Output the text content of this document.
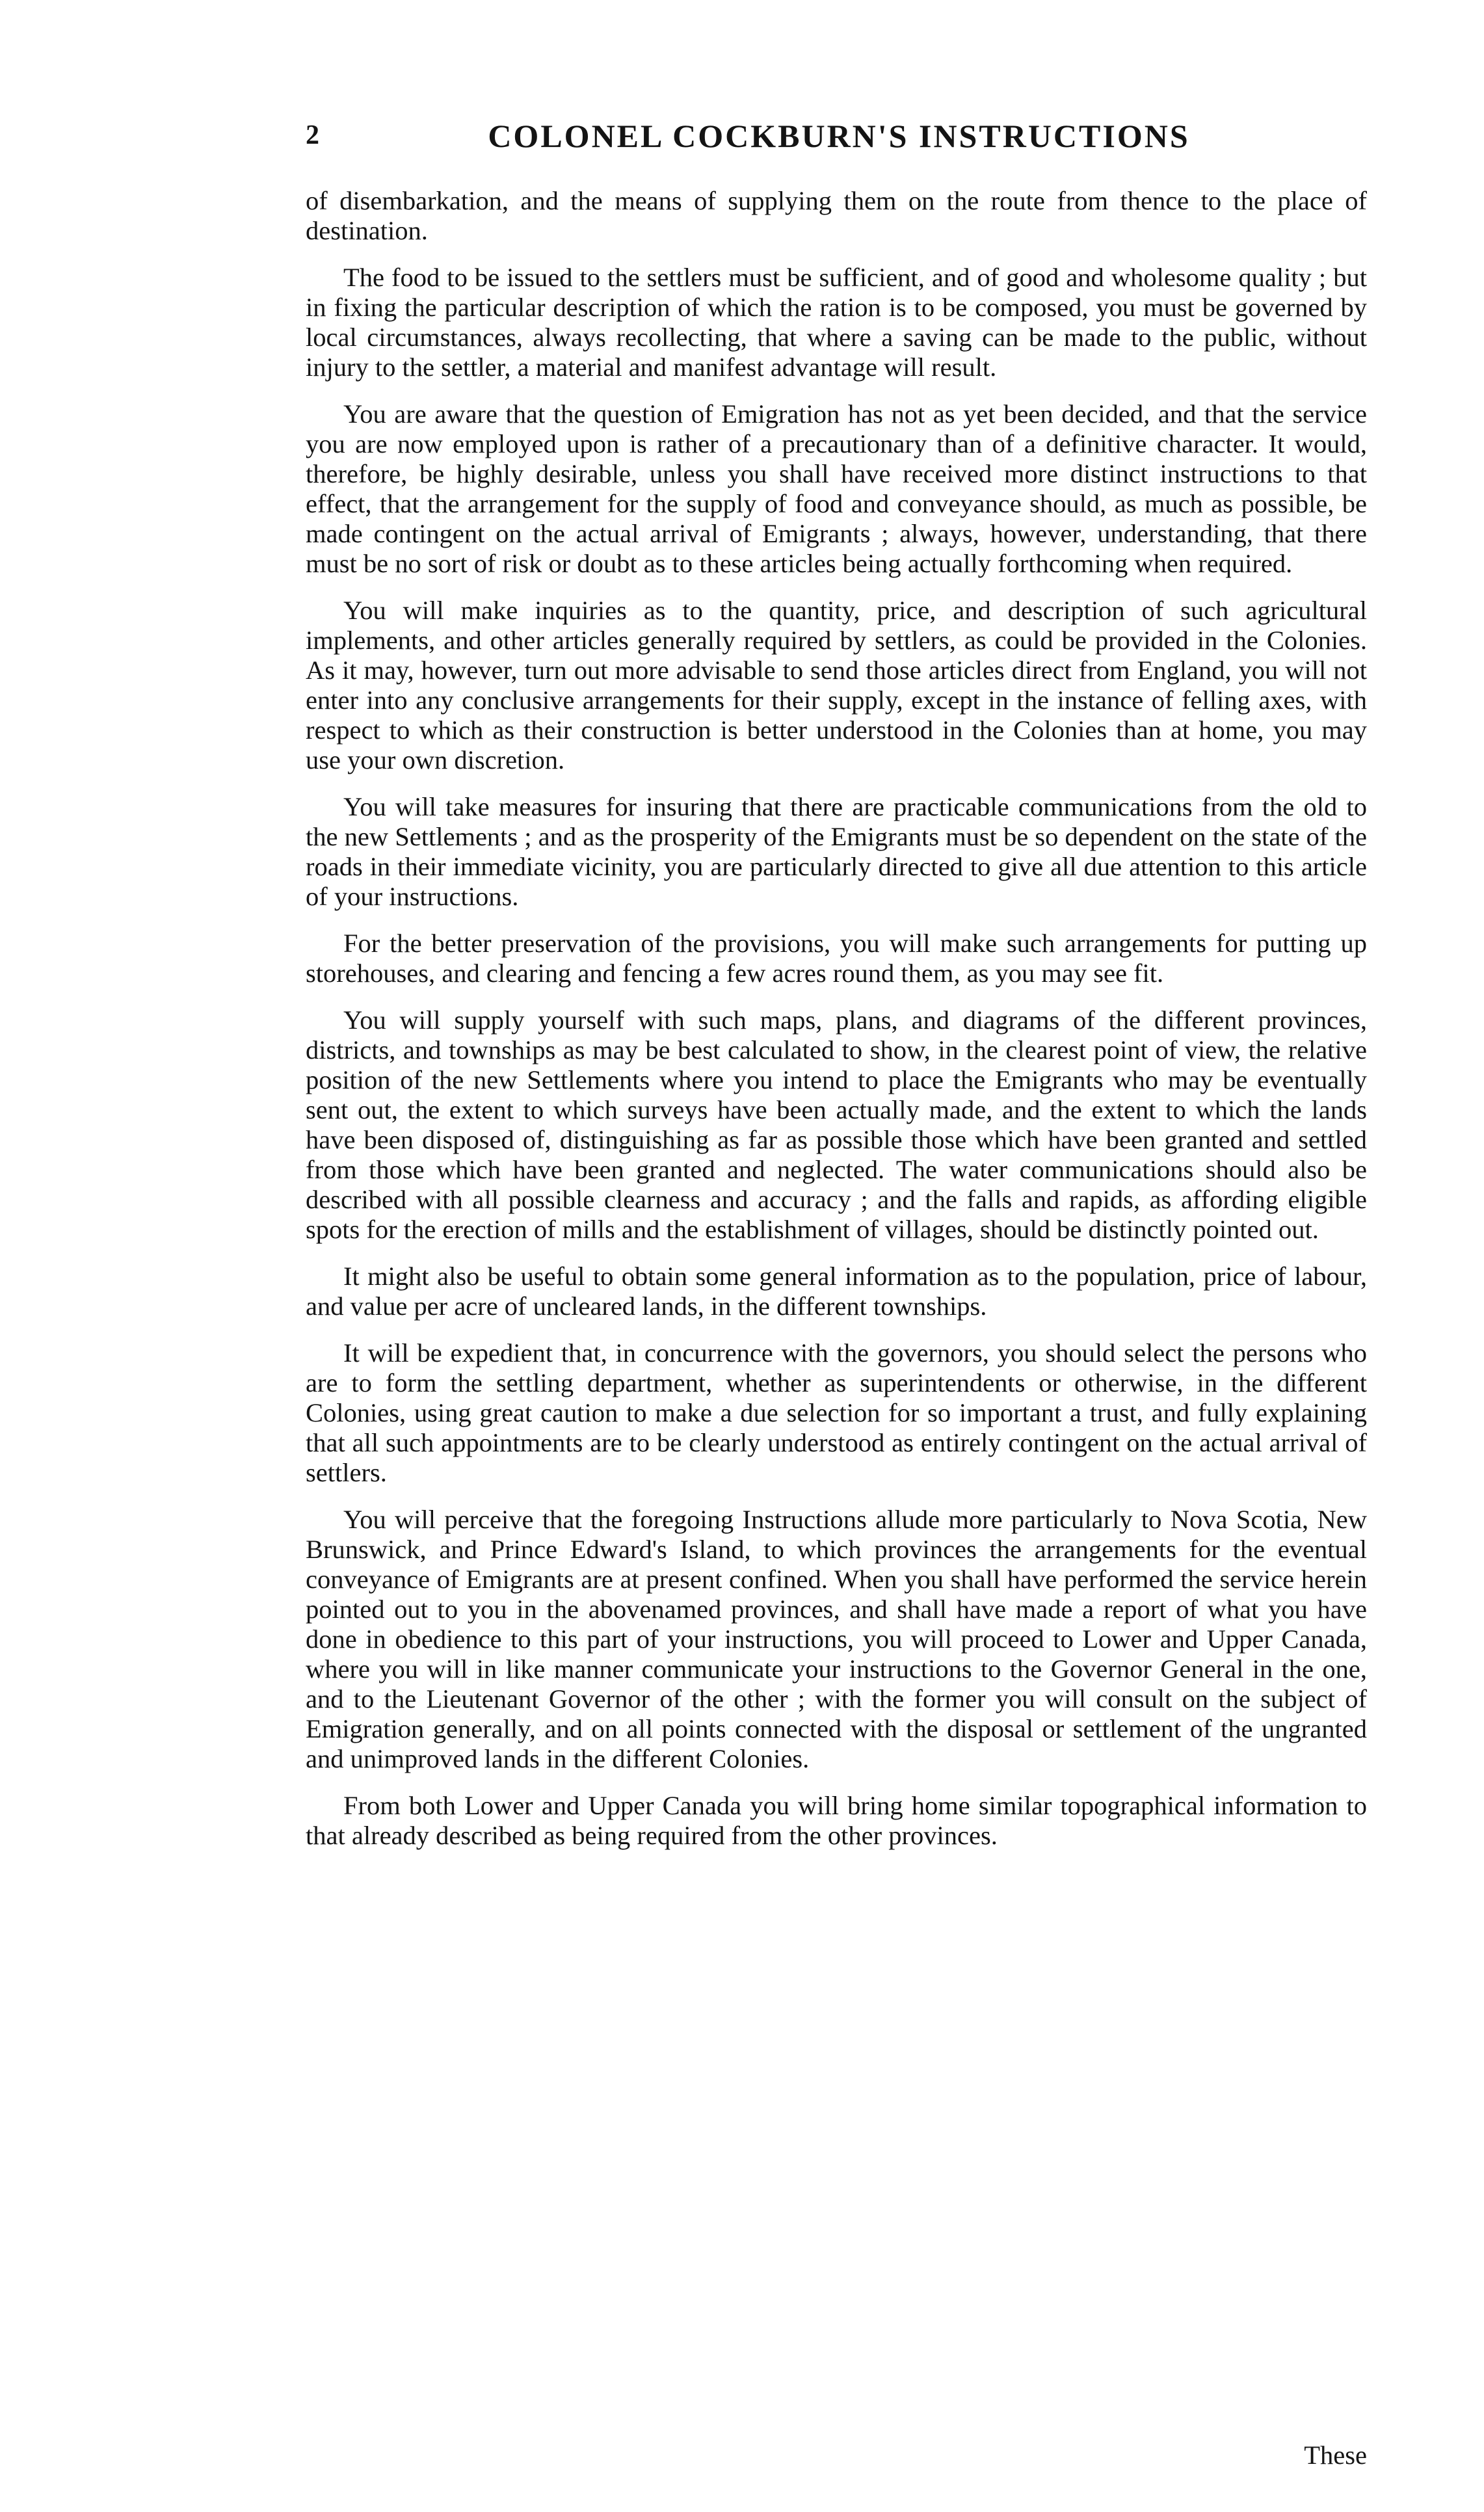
2	COLONEL COCKBURN'S INSTRUCTIONS

of disembarkation, and the means of supplying them on the route from thence to the place of destination.

The food to be issued to the settlers must be sufficient, and of good and wholesome quality ; but in fixing the particular description of which the ration is to be composed, you must be governed by local circumstances, always recollecting, that where a saving can be made to the public, without injury to the settler, a material and manifest advantage will result.

You are aware that the question of Emigration has not as yet been decided, and that the service you are now employed upon is rather of a precautionary than of a definitive character. It would, therefore, be highly desirable, unless you shall have received more distinct instructions to that effect, that the arrangement for the supply of food and conveyance should, as much as possible, be made contingent on the actual arrival of Emigrants ; always, however, understanding, that there must be no sort of risk or doubt as to these articles being actually forthcoming when required.

You will make inquiries as to the quantity, price, and description of such agricultural implements, and other articles generally required by settlers, as could be provided in the Colonies. As it may, however, turn out more advisable to send those articles direct from England, you will not enter into any conclusive arrangements for their supply, except in the instance of felling axes, with respect to which as their construction is better understood in the Colonies than at home, you may use your own discretion.

You will take measures for insuring that there are practicable communications from the old to the new Settlements ; and as the prosperity of the Emigrants must be so dependent on the state of the roads in their immediate vicinity, you are particularly directed to give all due attention to this article of your instructions.

For the better preservation of the provisions, you will make such arrangements for putting up storehouses, and clearing and fencing a few acres round them, as you may see fit.

You will supply yourself with such maps, plans, and diagrams of the different provinces, districts, and townships as may be best calculated to show, in the clearest point of view, the relative position of the new Settlements where you intend to place the Emigrants who may be eventually sent out, the extent to which surveys have been actually made, and the extent to which the lands have been disposed of, distinguishing as far as possible those which have been granted and settled from those which have been granted and neglected. The water communications should also be described with all possible clearness and accuracy ; and the falls and rapids, as affording eligible spots for the erection of mills and the establishment of villages, should be distinctly pointed out.

It might also be useful to obtain some general information as to the population, price of labour, and value per acre of uncleared lands, in the different townships.

It will be expedient that, in concurrence with the governors, you should select the persons who are to form the settling department, whether as superintendents or otherwise, in the different Colonies, using great caution to make a due selection for so important a trust, and fully explaining that all such appointments are to be clearly understood as entirely contingent on the actual arrival of settlers.

You will perceive that the foregoing Instructions allude more particularly to Nova Scotia, New Brunswick, and Prince Edward's Island, to which provinces the arrangements for the eventual conveyance of Emigrants are at present confined. When you shall have performed the service herein pointed out to you in the abovenamed provinces, and shall have made a report of what you have done in obedience to this part of your instructions, you will proceed to Lower and Upper Canada, where you will in like manner communicate your instructions to the Governor General in the one, and to the Lieutenant Governor of the other ; with the former you will consult on the subject of Emigration generally, and on all points connected with the disposal or settlement of the ungranted and unimproved lands in the different Colonies.

From both Lower and Upper Canada you will bring home similar topographical information to that already described as being required from the other provinces.

These
